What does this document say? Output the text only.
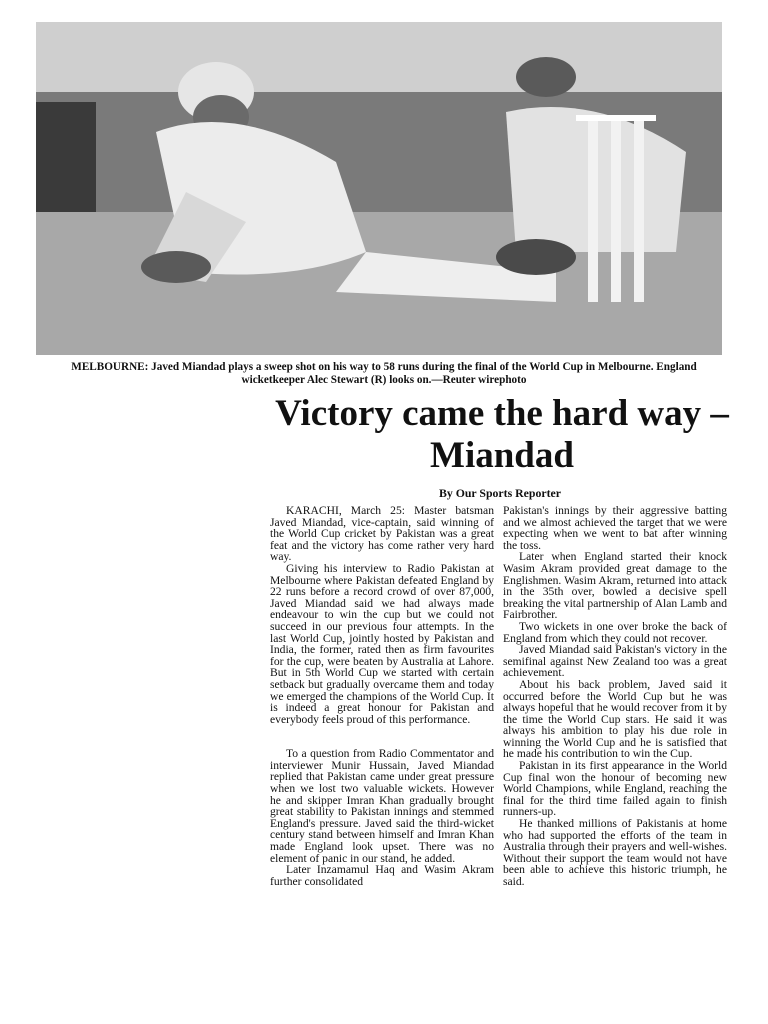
MELBOURNE: Javed Miandad plays a sweep shot on his way to 58 runs during the final of the World Cup in Melbourne. England wicketkeeper Alec Stewart (R) looks on.—Reuter wirephoto
Victory came the hard way – Miandad
By Our Sports Reporter

KARACHI, March 25: Master batsman Javed Miandad, vice-captain, said winning of the World Cup cricket by Pakistan was a great feat and the victory has come rather very hard way.

Giving his interview to Radio Pakistan at Melbourne where Pakistan defeated England by 22 runs before a record crowd of over 87,000, Javed Miandad said we had always made endeavour to win the cup but we could not succeed in our previous four attempts. In the last World Cup, jointly hosted by Pakistan and India, the former, rated then as firm favourites for the cup, were beaten by Australia at Lahore. But in 5th World Cup we started with certain setback but gradually overcame them and today we emerged the champions of the World Cup. It is indeed a great honour for Pakistan and everybody feels proud of this performance.

To a question from Radio Commentator and interviewer Munir Hussain, Javed Miandad replied that Pakistan came under great pressure when we lost two valuable wickets. However he and skipper Imran Khan gradually brought great stability to Pakistan innings and stemmed England's pressure. Javed said the third-wicket century stand between himself and Imran Khan made England look upset. There was no element of panic in our stand, he added.

Later Inzamamul Haq and Wasim Akram further consolidated

Pakistan's innings by their aggressive batting and we almost achieved the target that we were expecting when we went to bat after winning the toss.

Later when England started their knock Wasim Akram provided great damage to the Englishmen. Wasim Akram, returned into attack in the 35th over, bowled a decisive spell breaking the vital partnership of Alan Lamb and Fairbrother.

Two wickets in one over broke the back of England from which they could not recover.

Javed Miandad said Pakistan's victory in the semifinal against New Zealand too was a great achievement.

About his back problem, Javed said it occurred before the World Cup but he was always hopeful that he would recover from it by the time the World Cup stars. He said it was always his ambition to play his due role in winning the World Cup and he is satisfied that he made his contribution to win the Cup.

Pakistan in its first appearance in the World Cup final won the honour of becoming new World Champions, while England, reaching the final for the third time failed again to finish runners-up.

He thanked millions of Pakistanis at home who had supported the efforts of the team in Australia through their prayers and well-wishes. Without their support the team would not have been able to achieve this historic triumph, he said.
